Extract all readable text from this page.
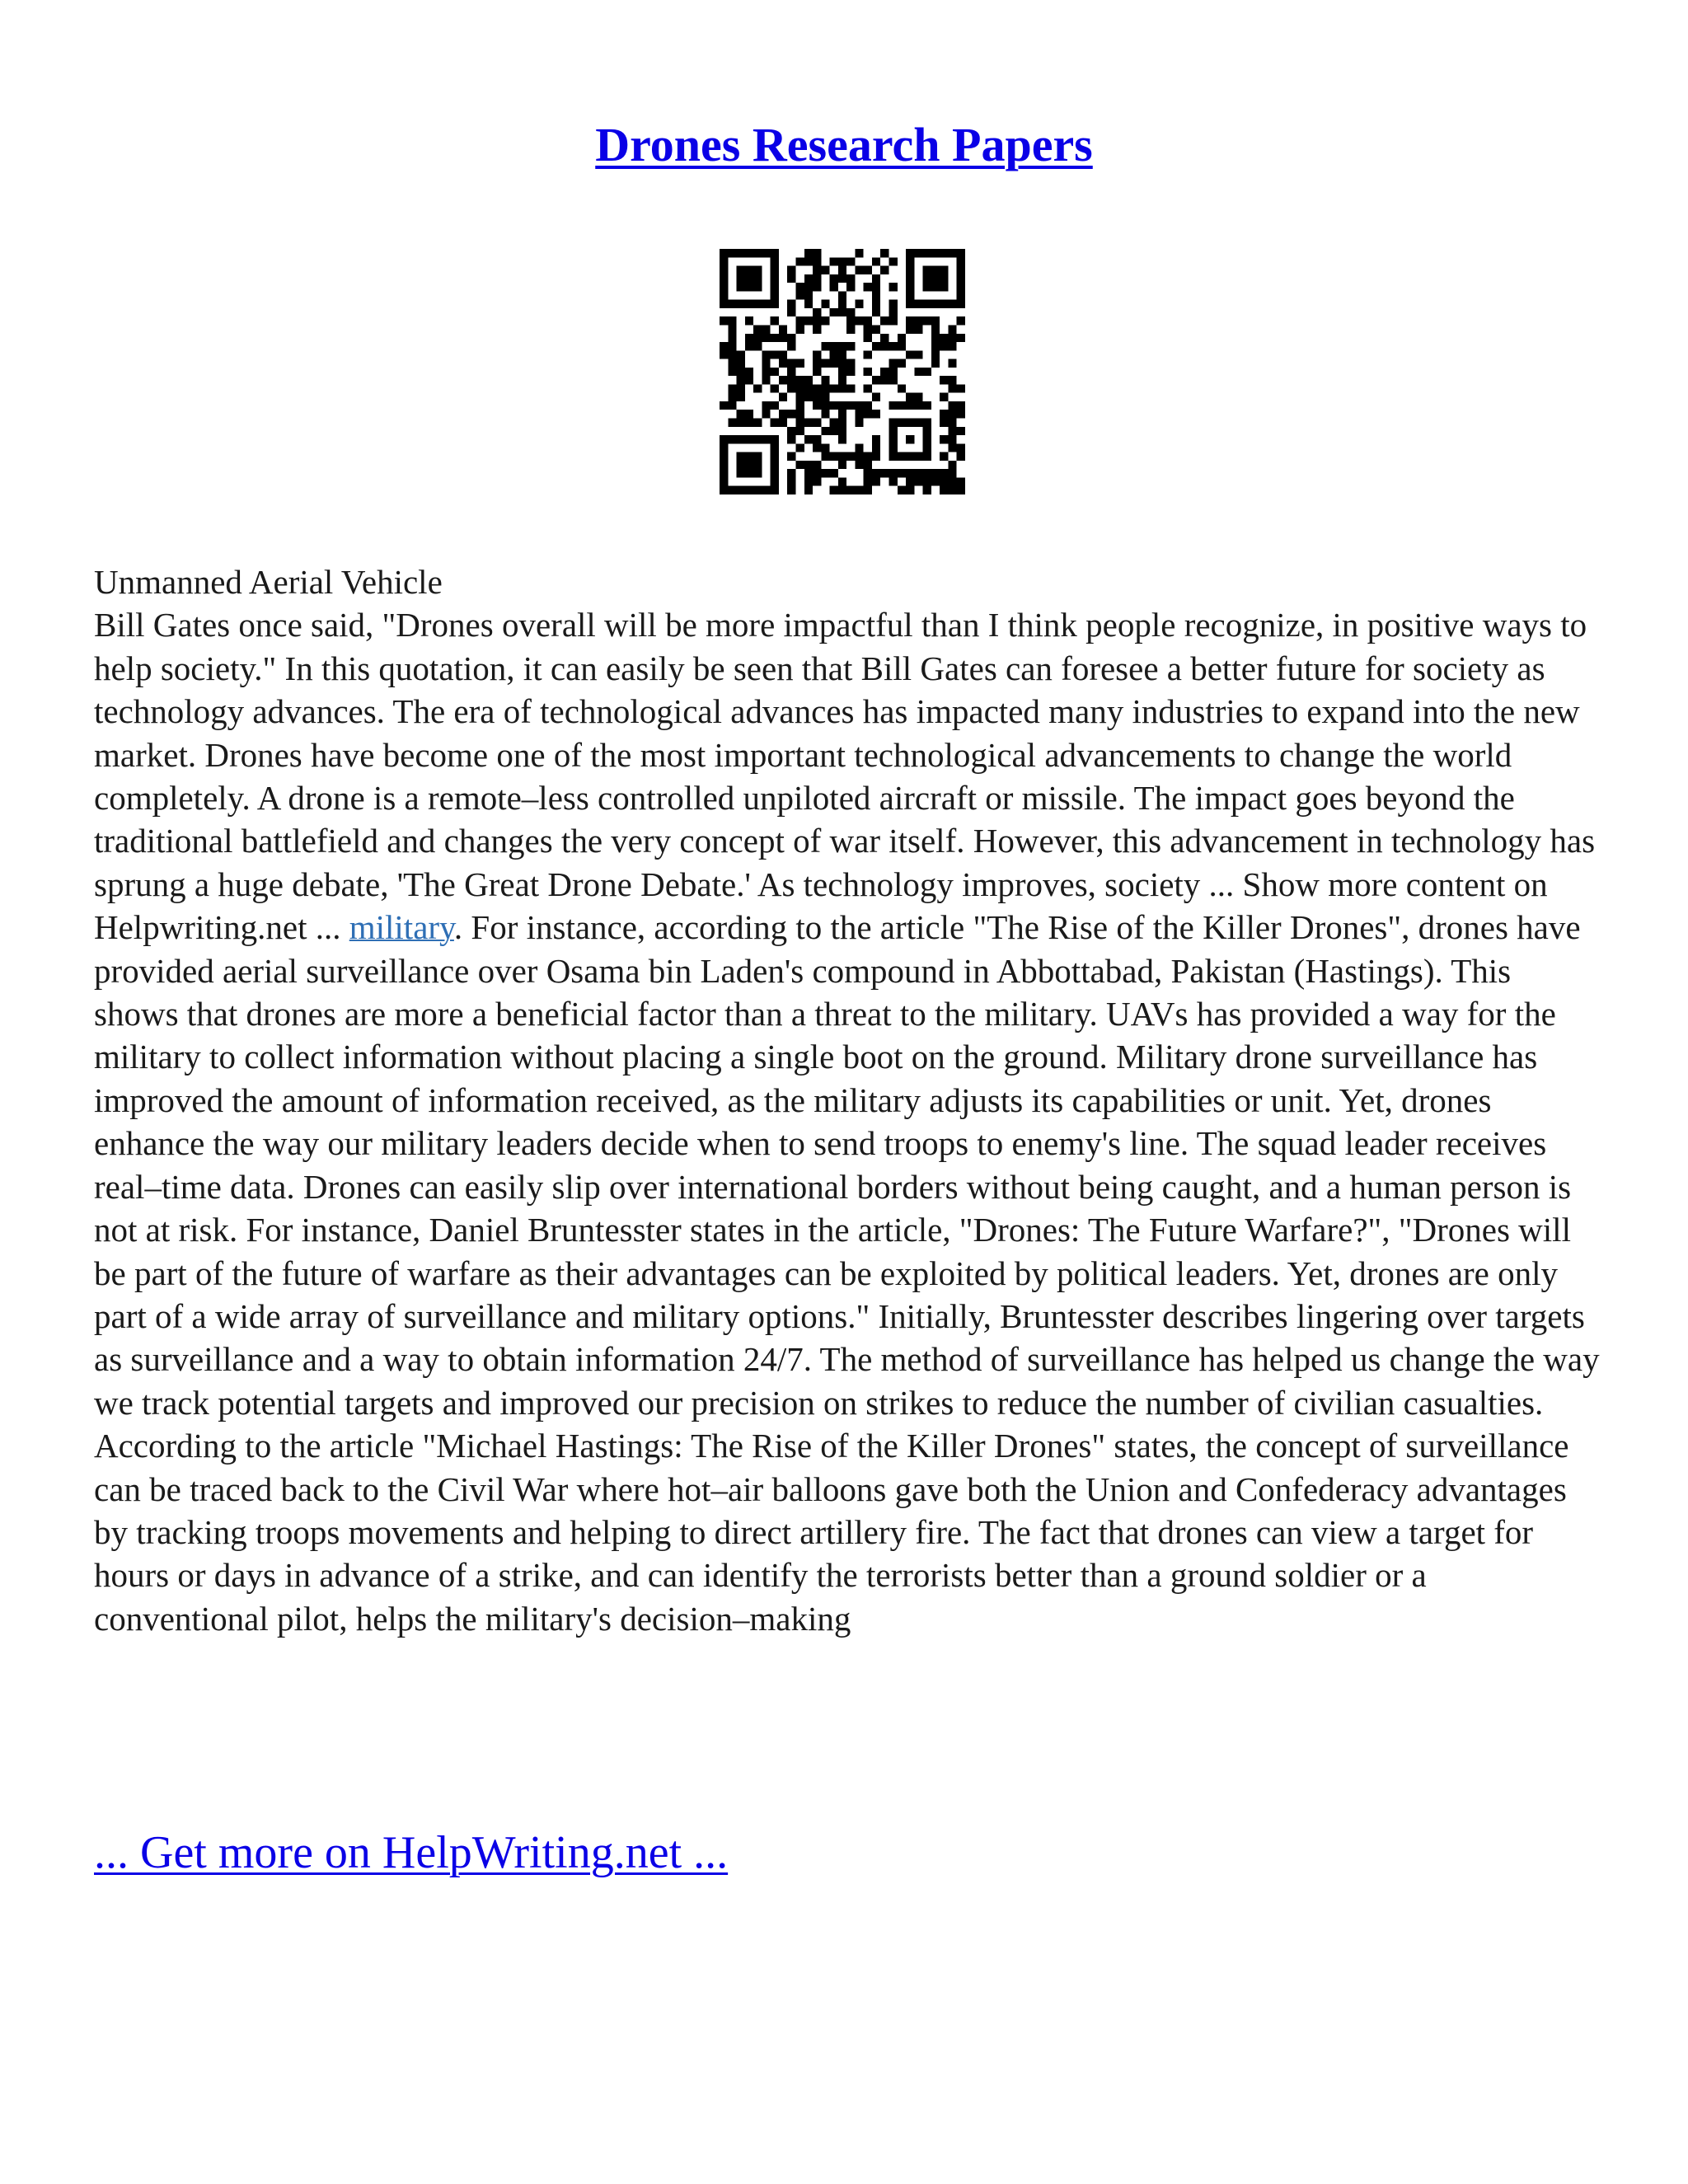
Drones Research Papers

Unmanned Aerial Vehicle
Bill Gates once said, "Drones overall will be more impactful than I think people recognize, in positive ways to help society." In this quotation, it can easily be seen that Bill Gates can foresee a better future for society as technology advances. The era of technological advances has impacted many industries to expand into the new market. Drones have become one of the most important technological advancements to change the world completely. A drone is a remote–less controlled unpiloted aircraft or missile. The impact goes beyond the traditional battlefield and changes the very concept of war itself. However, this advancement in technology has sprung a huge debate, 'The Great Drone Debate.' As technology improves, society ... Show more content on Helpwriting.net ... military. For instance, according to the article "The Rise of the Killer Drones", drones have provided aerial surveillance over Osama bin Laden's compound in Abbottabad, Pakistan (Hastings). This shows that drones are more a beneficial factor than a threat to the military. UAVs has provided a way for the military to collect information without placing a single boot on the ground. Military drone surveillance has improved the amount of information received, as the military adjusts its capabilities or unit. Yet, drones enhance the way our military leaders decide when to send troops to enemy's line. The squad leader receives real–time data. Drones can easily slip over international borders without being caught, and a human person is not at risk. For instance, Daniel Bruntesster states in the article, "Drones: The Future Warfare?", "Drones will be part of the future of warfare as their advantages can be exploited by political leaders. Yet, drones are only part of a wide array of surveillance and military options." Initially, Bruntesster describes lingering over targets as surveillance and a way to obtain information 24/7. The method of surveillance has helped us change the way we track potential targets and improved our precision on strikes to reduce the number of civilian casualties. According to the article "Michael Hastings: The Rise of the Killer Drones" states, the concept of surveillance can be traced back to the Civil War where hot–air balloons gave both the Union and Confederacy advantages by tracking troops movements and helping to direct artillery fire. The fact that drones can view a target for hours or days in advance of a strike, and can identify the terrorists better than a ground soldier or a conventional pilot, helps the military's decision–making

... Get more on HelpWriting.net ...
